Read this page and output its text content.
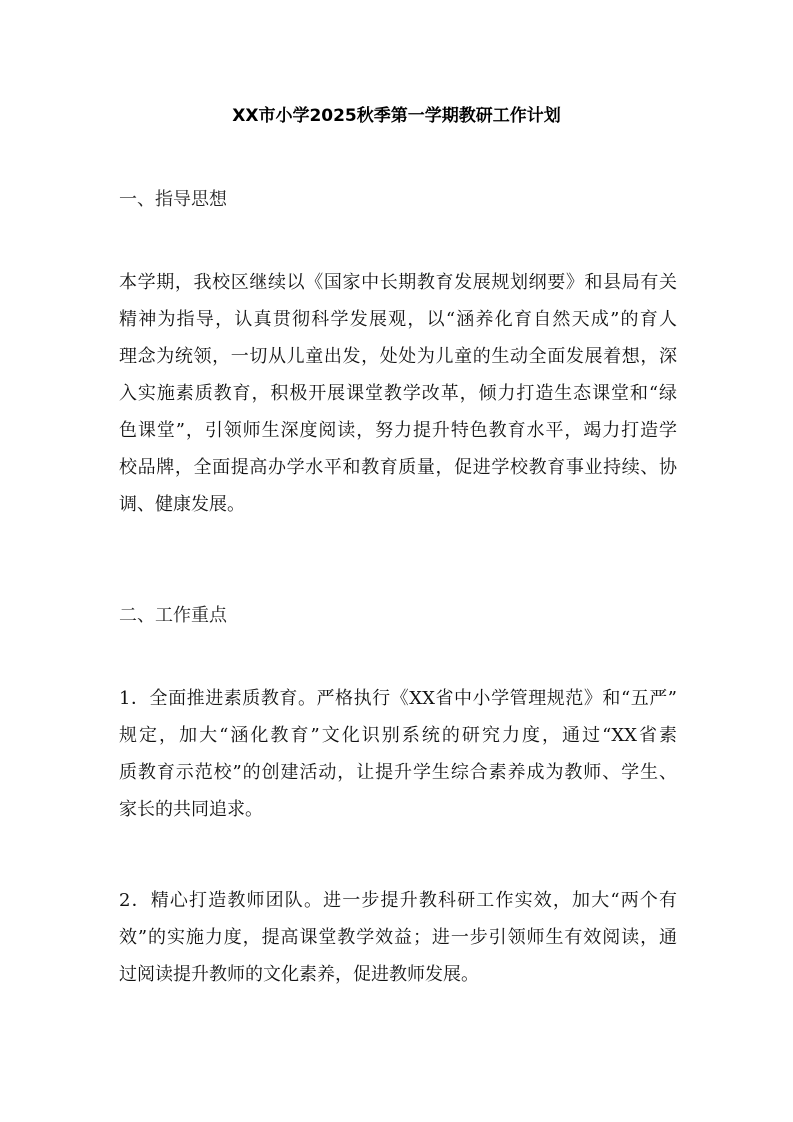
XX市小学2025秋季第一学期教研工作计划
一、指导思想
本学期，我校区继续以《国家中长期教育发展规划纲要》和县局有关
精神为指导，认真贯彻科学发展观，以“涵养化育自然天成”的育人
理念为统领，一切从儿童出发，处处为儿童的生动全面发展着想，深
入实施素质教育，积极开展课堂教学改革，倾力打造生态课堂和“绿
色课堂”，引领师生深度阅读，努力提升特色教育水平，竭力打造学
校品牌，全面提高办学水平和教育质量，促进学校教育事业持续、协
调、健康发展。
二、工作重点
1．全面推进素质教育。严格执行《XX省中小学管理规范》和“五严”
规定，加大“涵化教育”文化识别系统的研究力度，通过“XX省素
质教育示范校”的创建活动，让提升学生综合素养成为教师、学生、
家长的共同追求。
2．精心打造教师团队。进一步提升教科研工作实效，加大“两个有
效”的实施力度，提高课堂教学效益；进一步引领师生有效阅读，通
过阅读提升教师的文化素养，促进教师发展。
